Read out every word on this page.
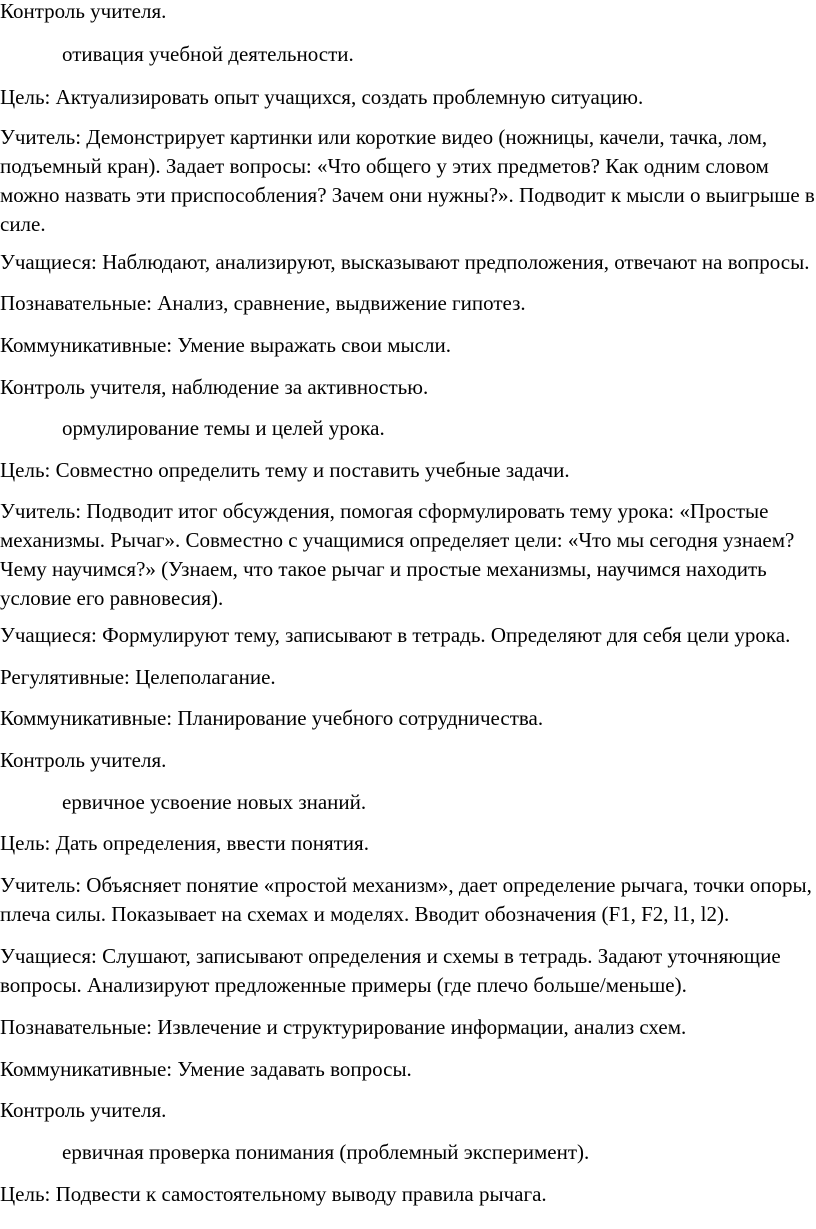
Контроль учителя.

отивация учебной деятельности.

Цель: Актуализировать опыт учащихся, создать проблемную ситуацию.

Учитель: Демонстрирует картинки или короткие видео (ножницы, качели, тачка, лом,
подъемный кран). Задает вопросы: «Что общего у этих предметов? Как одним словом
можно назвать эти приспособления? Зачем они нужны?». Подводит к мысли о выигрыше в
силе.

Учащиеся: Наблюдают, анализируют, высказывают предположения, отвечают на вопросы.

Познавательные: Анализ, сравнение, выдвижение гипотез.

Коммуникативные: Умение выражать свои мысли.

Контроль учителя, наблюдение за активностью.

ормулирование темы и целей урока.

Цель: Совместно определить тему и поставить учебные задачи.

Учитель: Подводит итог обсуждения, помогая сформулировать тему урока: «Простые
механизмы. Рычаг». Совместно с учащимися определяет цели: «Что мы сегодня узнаем?
Чему научимся?» (Узнаем, что такое рычаг и простые механизмы, научимся находить
условие его равновесия).

Учащиеся: Формулируют тему, записывают в тетрадь. Определяют для себя цели урока.

Регулятивные: Целеполагание.

Коммуникативные: Планирование учебного сотрудничества.

Контроль учителя.

ервичное усвоение новых знаний.

Цель: Дать определения, ввести понятия.

Учитель: Объясняет понятие «простой механизм», дает определение рычага, точки опоры,
плеча силы. Показывает на схемах и моделях. Вводит обозначения (F1, F2, l1, l2).

Учащиеся: Слушают, записывают определения и схемы в тетрадь. Задают уточняющие
вопросы. Анализируют предложенные примеры (где плечо больше/меньше).

Познавательные: Извлечение и структурирование информации, анализ схем.

Коммуникативные: Умение задавать вопросы.

Контроль учителя.

ервичная проверка понимания (проблемный эксперимент).

Цель: Подвести к самостоятельному выводу правила рычага.
